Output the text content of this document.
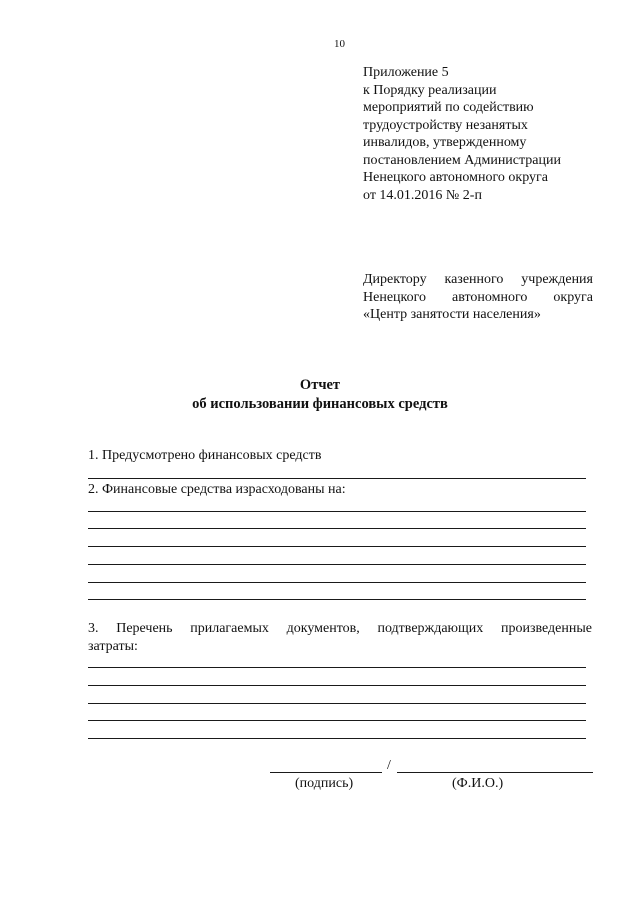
10
Приложение 5
к Порядку реализации
мероприятий по содействию
трудоустройству незанятых
инвалидов, утвержденному
постановлением Администрации
Ненецкого автономного округа
от 14.01.2016 № 2-п
Директору казенного учреждения
Ненецкого автономного округа
«Центр занятости населения»
Отчет
об использовании финансовых средств
1. Предусмотрено финансовых средств
2. Финансовые средства израсходованы на:
3. Перечень прилагаемых документов, подтверждающих произведенные
затраты:
/
(подпись)	(Ф.И.О.)
